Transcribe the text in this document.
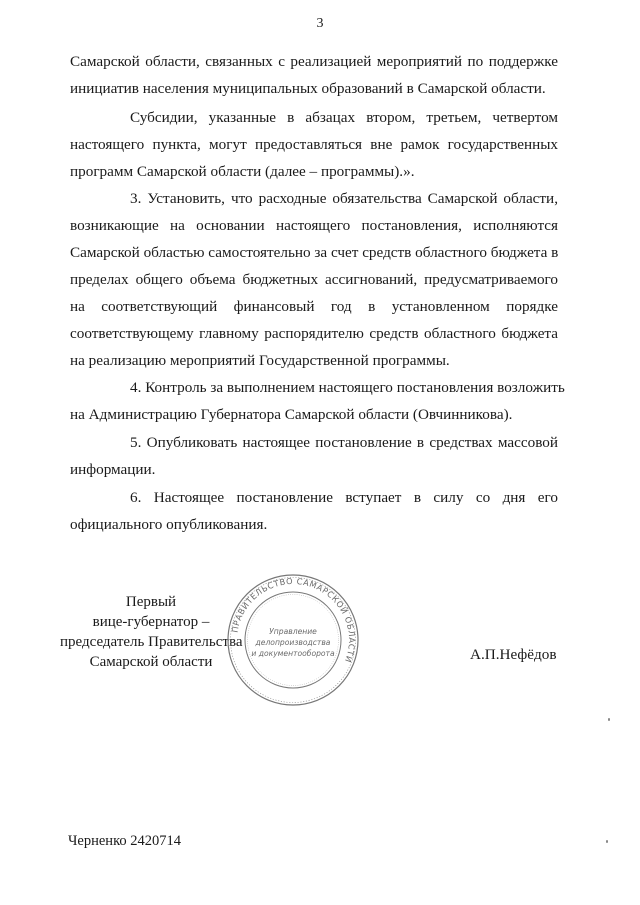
3
Самарской области, связанных с реализацией мероприятий по поддержке
инициатив населения муниципальных образований в Самарской области.
Субсидии, указанные в абзацах втором, третьем, четвертом
настоящего пункта, могут предоставляться вне рамок государственных
программ Самарской области (далее – программы).».
3. Установить, что расходные обязательства Самарской области,
возникающие на основании настоящего постановления, исполняются
Самарской областью самостоятельно за счет средств областного бюджета в
пределах общего объема бюджетных ассигнований, предусматриваемого
на соответствующий финансовый год в установленном порядке
соответствующему главному распорядителю средств областного бюджета
на реализацию мероприятий Государственной программы.
4. Контроль за выполнением настоящего постановления возложить
на Администрацию Губернатора Самарской области (Овчинникова).
5. Опубликовать настоящее постановление в средствах массовой
информации.
6. Настоящее постановление вступает в силу со дня его
официального опубликования.
Первый
вице-губернатор –
председатель Правительства
Самарской области
ПРАВИТЕЛЬСТВО САМАРСКОЙ ОБЛАСТИ
Управление
делопроизводства
и документооборота	А.П.Нефёдов
Черненко 2420714
